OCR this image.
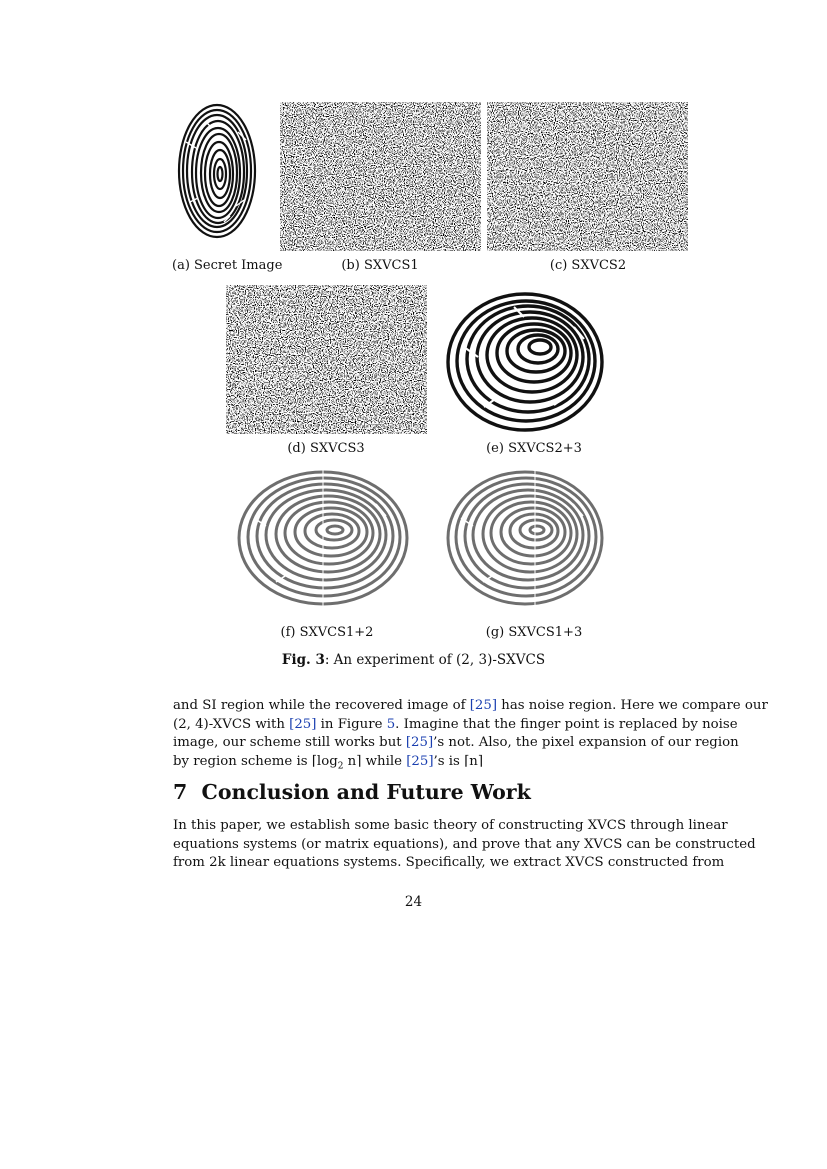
(a) Secret Image	(b) SXVCS1	(c) SXVCS2
(d) SXVCS3	(e) SXVCS2+3
(f) SXVCS1+2	(g) SXVCS1+3
Fig. 3: An experiment of (2, 3)-SXVCS
and SI region while the recovered image of [25] has noise region. Here we compare our
(2, 4)-XVCS with [25] in Figure 5. Imagine that the finger point is replaced by noise
image, our scheme still works but [25]’s not. Also, the pixel expansion of our region
by region scheme is $⌈\log_2$ n⌉ while [25]’s is ⌈n⌉
7 Conclusion and Future Work
In this paper, we establish some basic theory of constructing XVCS through linear
equations systems (or matrix equations), and prove that any XVCS can be constructed
from 2k linear equations systems. Specifically, we extract XVCS constructed from
24
